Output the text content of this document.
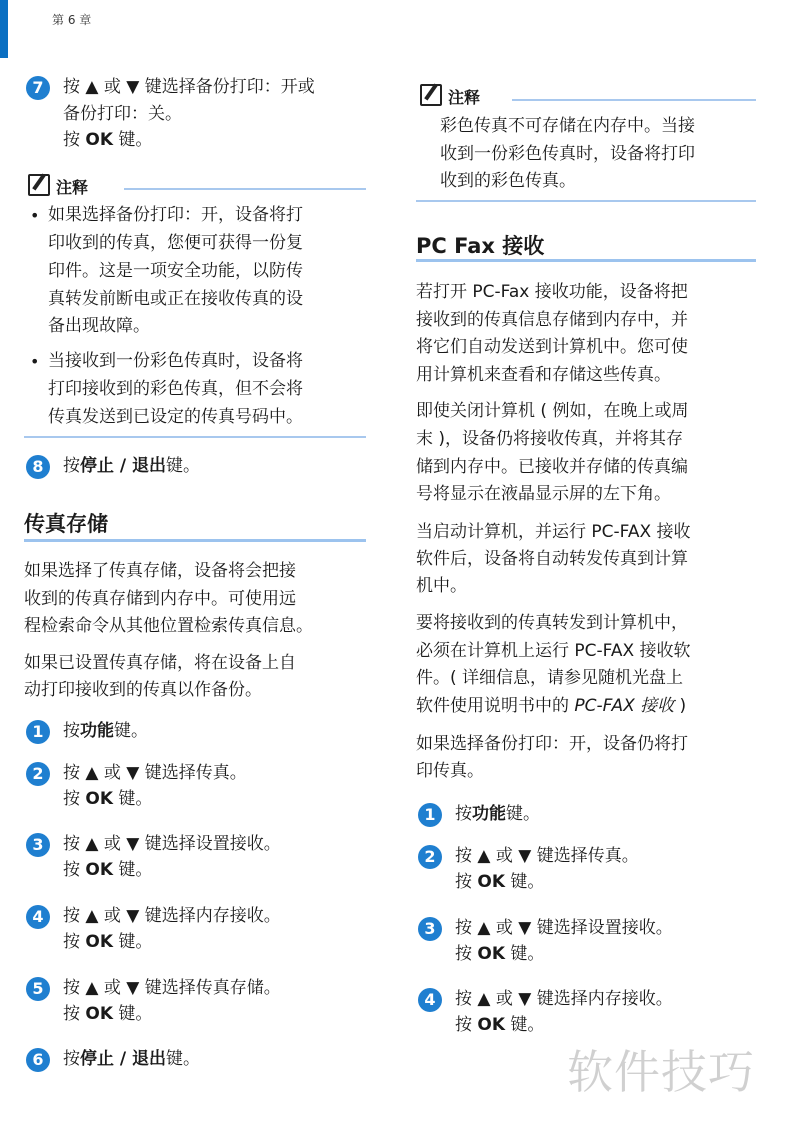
第 6 章
7	按 ▲ 或 ▼ 键选择备份打印：开或
备份打印：关。
按 OK 键。
注释
• 如果选择备份打印：开，设备将打
印收到的传真，您便可获得一份复
印件。这是一项安全功能，以防传
真转发前断电或正在接收传真的设
备出现故障。
• 当接收到一份彩色传真时，设备将
打印接收到的彩色传真，但不会将
传真发送到已设定的传真号码中。
8	按停止 / 退出键。
传真存储
如果选择了传真存储，设备将会把接
收到的传真存储到内存中。可使用远
程检索命令从其他位置检索传真信息。
如果已设置传真存储，将在设备上自
动打印接收到的传真以作备份。
1	按功能键。
2	按 ▲ 或 ▼ 键选择传真。
按 OK 键。
3	按 ▲ 或 ▼ 键选择设置接收。
按 OK 键。
4	按 ▲ 或 ▼ 键选择内存接收。
按 OK 键。
5	按 ▲ 或 ▼ 键选择传真存储。
按 OK 键。
6	按停止 / 退出键。
注释
彩色传真不可存储在内存中。当接
收到一份彩色传真时，设备将打印
收到的彩色传真。
PC Fax 接收
若打开 PC-Fax 接收功能，设备将把
接收到的传真信息存储到内存中，并
将它们自动发送到计算机中。您可使
用计算机来查看和存储这些传真。
即使关闭计算机 ( 例如，在晚上或周
末 )，设备仍将接收传真，并将其存
储到内存中。已接收并存储的传真编
号将显示在液晶显示屏的左下角。
当启动计算机，并运行 PC-FAX 接收
软件后，设备将自动转发传真到计算
机中。
要将接收到的传真转发到计算机中，
必须在计算机上运行 PC-FAX 接收软
件。( 详细信息，请参见随机光盘上
软件使用说明书中的 PC-FAX 接收 )
如果选择备份打印：开，设备仍将打
印传真。
1	按功能键。
2	按 ▲ 或 ▼ 键选择传真。
按 OK 键。
3	按 ▲ 或 ▼ 键选择设置接收。
按 OK 键。
4	按 ▲ 或 ▼ 键选择内存接收。
按 OK 键。
软件技巧
